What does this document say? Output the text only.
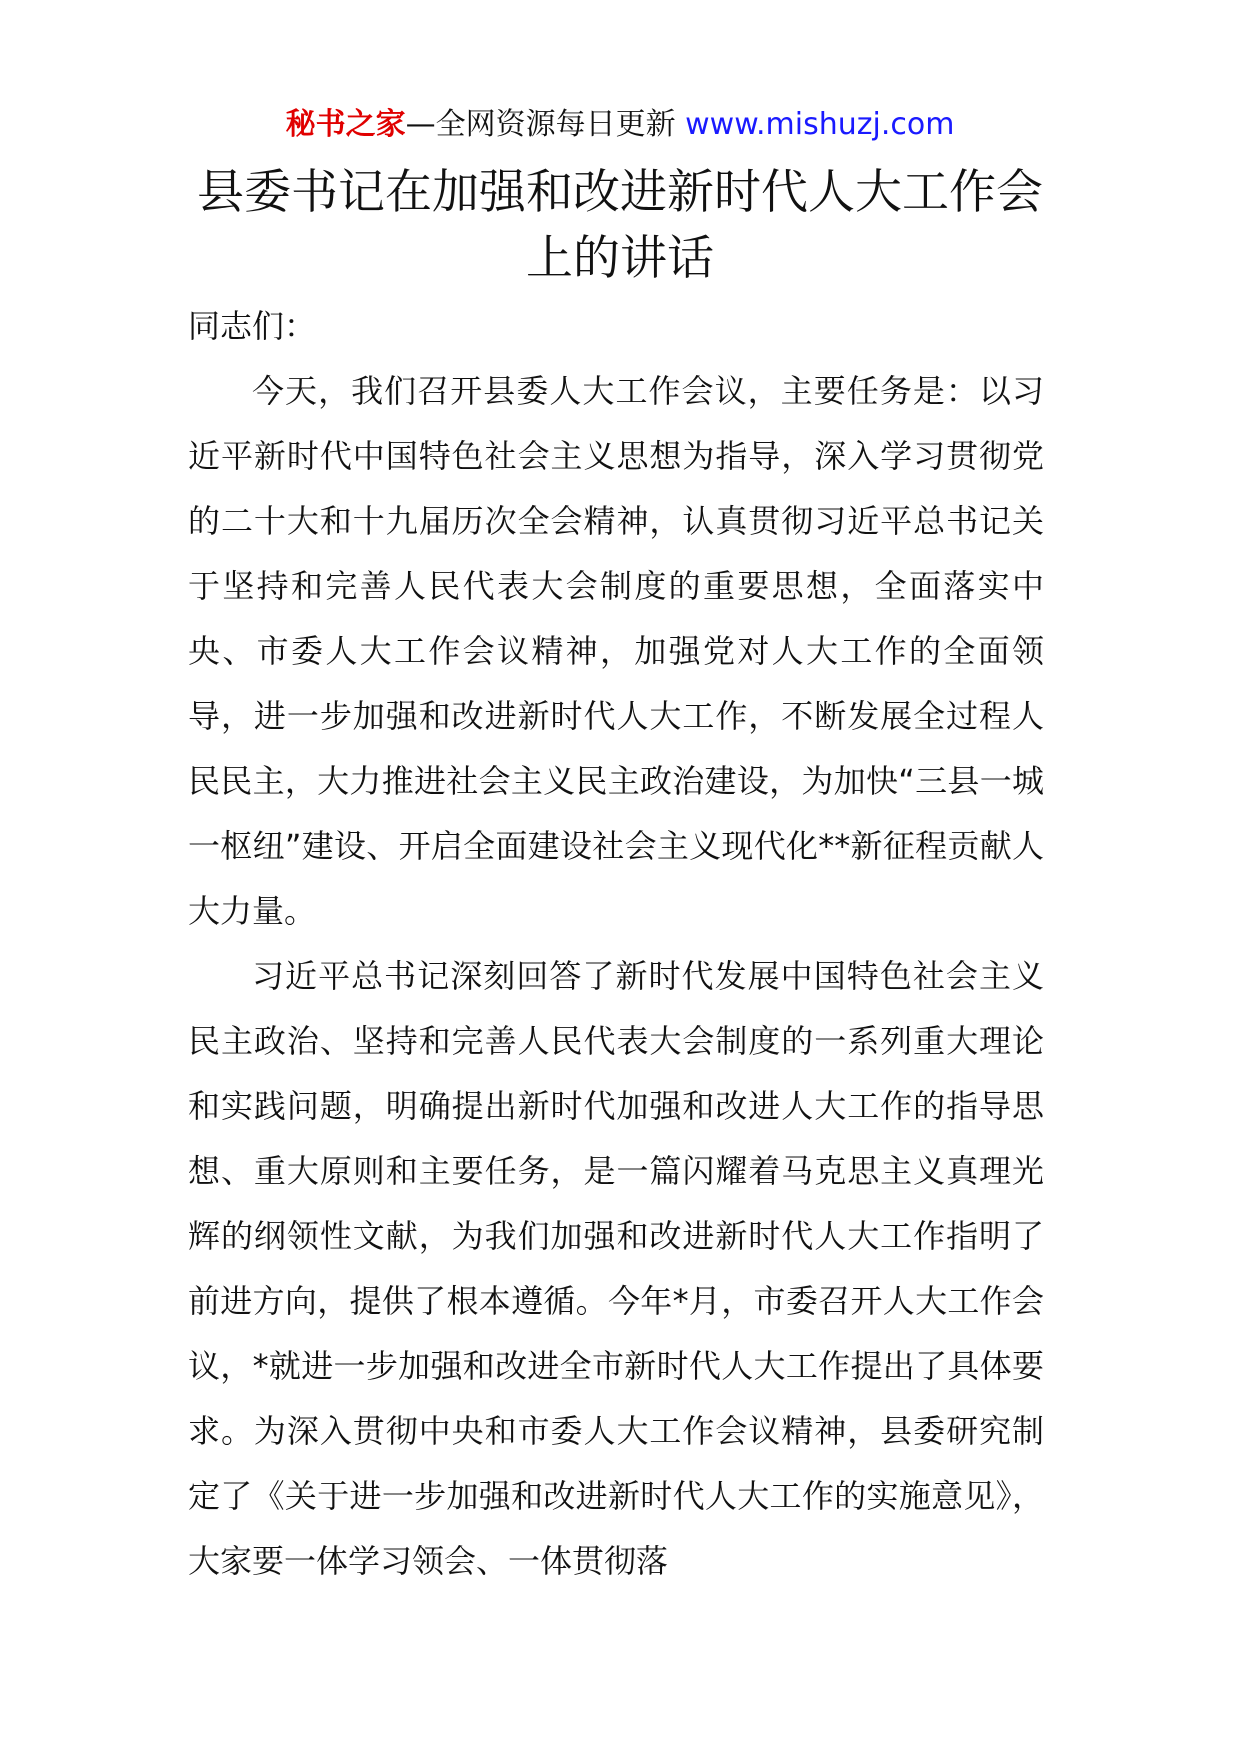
秘书之家—全网资源每日更新 www.mishuzj.com
县委书记在加强和改进新时代人大工作会
上的讲话

同志们：

今天，我们召开县委人大工作会议，主要任务是：以习近平新时代中国特色社会主义思想为指导，深入学习贯彻党的二十大和十九届历次全会精神，认真贯彻习近平总书记关于坚持和完善人民代表大会制度的重要思想，全面落实中央、市委人大工作会议精神，加强党对人大工作的全面领导，进一步加强和改进新时代人大工作，不断发展全过程人民民主，大力推进社会主义民主政治建设，为加快“三县一城一枢纽”建设、开启全面建设社会主义现代化**新征程贡献人大力量。

习近平总书记深刻回答了新时代发展中国特色社会主义民主政治、坚持和完善人民代表大会制度的一系列重大理论和实践问题，明确提出新时代加强和改进人大工作的指导思想、重大原则和主要任务，是一篇闪耀着马克思主义真理光辉的纲领性文献，为我们加强和改进新时代人大工作指明了前进方向，提供了根本遵循。今年*月，市委召开人大工作会议，*就进一步加强和改进全市新时代人大工作提出了具体要求。为深入贯彻中央和市委人大工作会议精神，县委研究制定了《关于进一步加强和改进新时代人大工作的实施意见》，大家要一体学习领会、一体贯彻落
